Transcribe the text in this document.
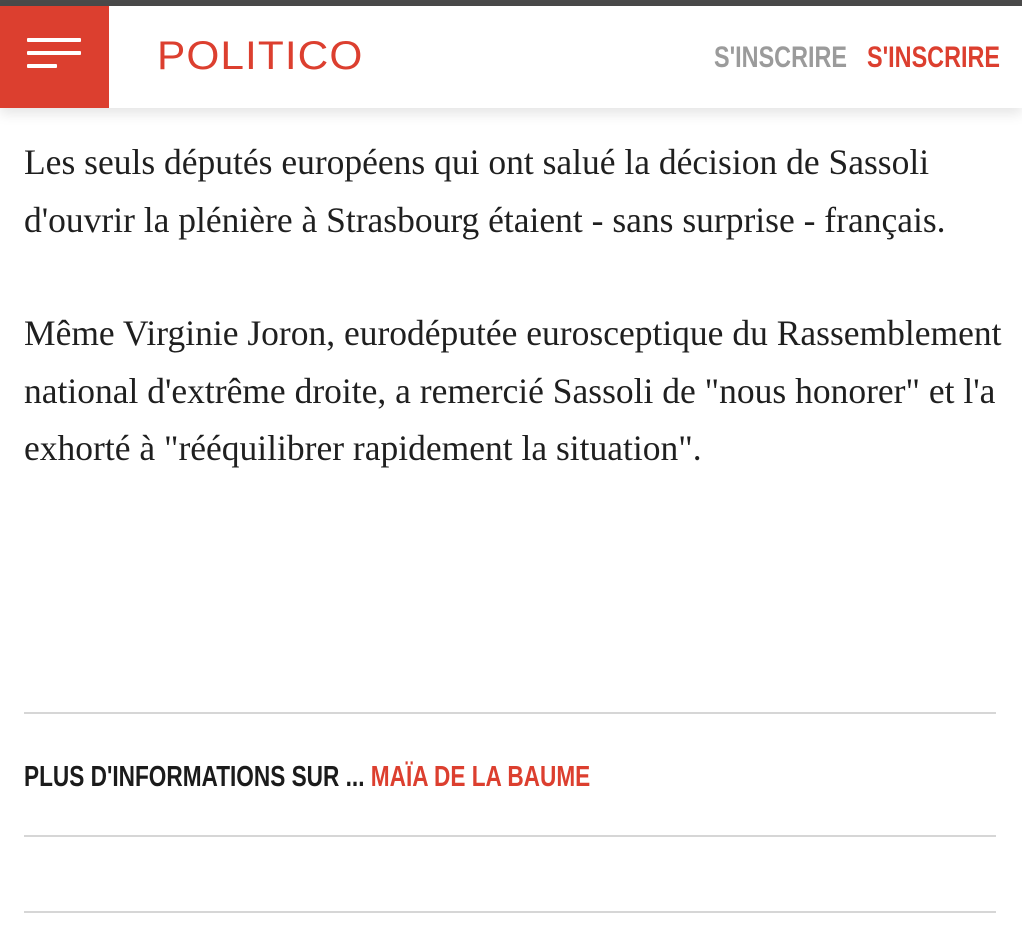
POLITICO	S'INSCRIRE S'INSCRIRE

Les seuls députés européens qui ont salué la décision de Sassoli d'ouvrir la plénière à Strasbourg étaient - sans surprise - français.

Même Virginie Joron, eurodéputée eurosceptique du Rassemblement national d'extrême droite, a remercié Sassoli de "nous honorer" et l'a exhorté à "rééquilibrer rapidement la situation".

PLUS D'INFORMATIONS SUR ... MAÏA DE LA BAUME
